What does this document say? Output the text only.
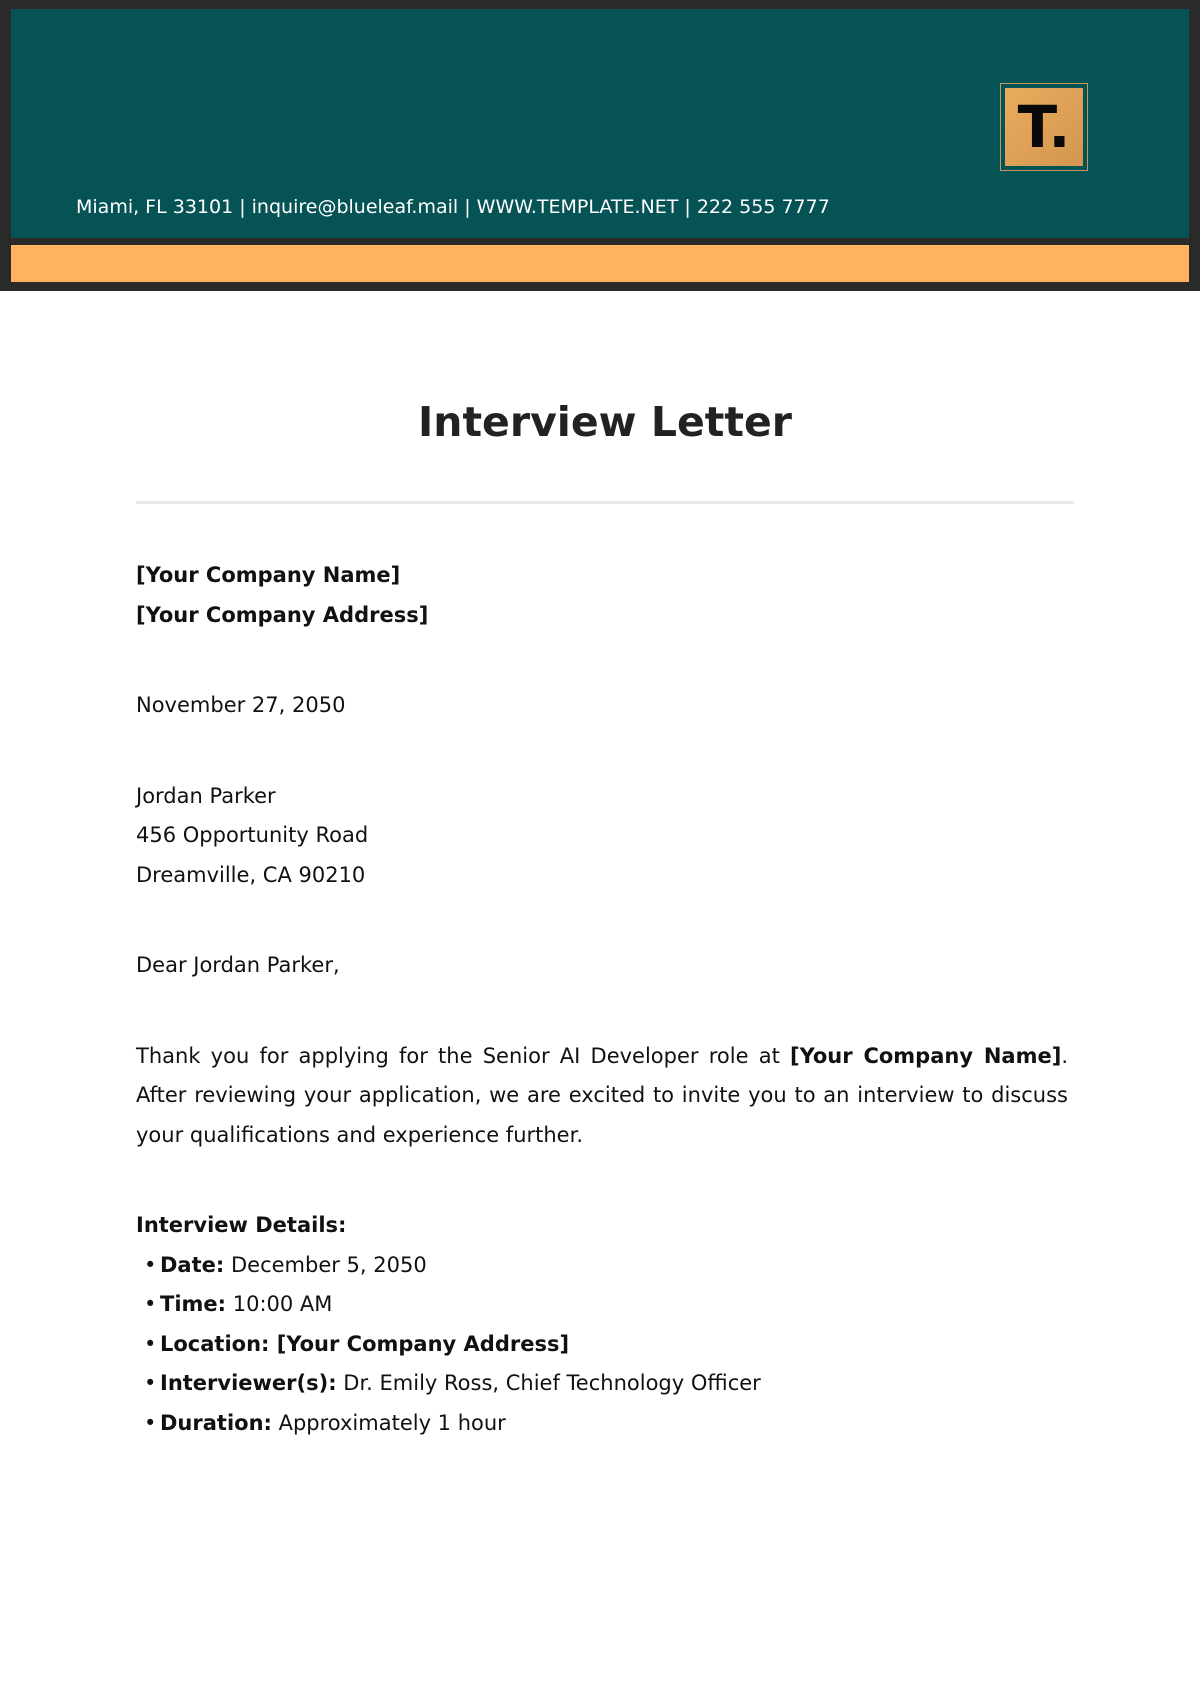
Miami, FL 33101 | inquire@blueleaf.mail | WWW.TEMPLATE.NET | 222 555 7777
T.
Interview Letter

[Your Company Name]

[Your Company Address]

November 27, 2050

Jordan Parker

456 Opportunity Road

Dreamville, CA 90210

Dear Jordan Parker,

Thank you for applying for the Senior AI Developer role at [Your Company Name]. After reviewing your application, we are excited to invite you to an interview to discuss your qualifications and experience further.

Interview Details:

• Date: December 5, 2050
• Time: 10:00 AM
• Location: [Your Company Address]
• Interviewer(s): Dr. Emily Ross, Chief Technology Officer
• Duration: Approximately 1 hour
